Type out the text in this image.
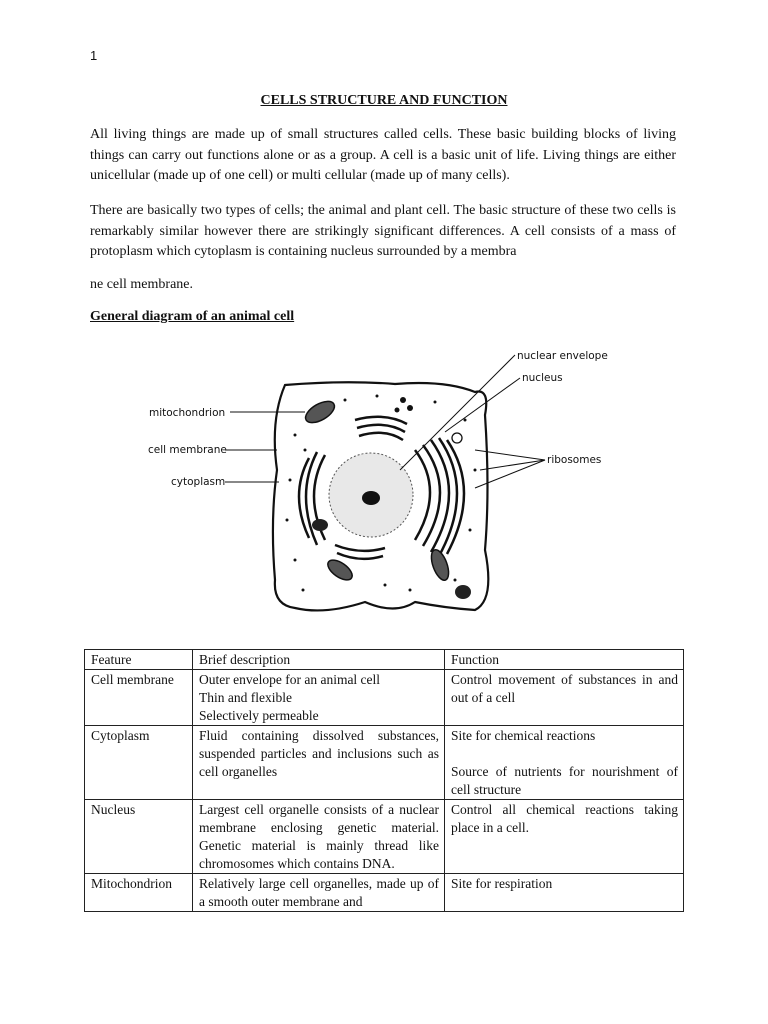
1
CELLS STRUCTURE AND FUNCTION

All living things are made up of small structures called cells. These basic building blocks of living things can carry out functions alone or as a group. A cell is a basic unit of life. Living things are either unicellular (made up of one cell) or multi cellular (made up of many cells).

There are basically two types of cells; the animal and plant cell. The basic structure of these two cells is remarkably similar however there are strikingly significant differences. A cell consists of a mass of protoplasm which cytoplasm is containing nucleus surrounded by a membra

ne cell membrane.

General diagram of an animal cell
nuclear envelope
nucleus
mitochondrion
cell membrane
ribosomes
cytoplasm
Feature	Brief description	Function
Cell membrane	Outer envelope for an animal cell
Thin and flexible
Selectively permeable	Control movement of substances in and out of a cell

Cytoplasm	Fluid containing dissolved substances, suspended particles and inclusions such as cell organelles	Site for chemical reactions
Source of nutrients for nourishment of cell structure

Nucleus	Largest cell organelle consists of a nuclear membrane enclosing genetic material. Genetic material is mainly thread like chromosomes which contains DNA.	Control all chemical reactions taking place in a cell.

Mitochondrion	Relatively large cell organelles, made up of a smooth outer membrane and	Site for respiration
